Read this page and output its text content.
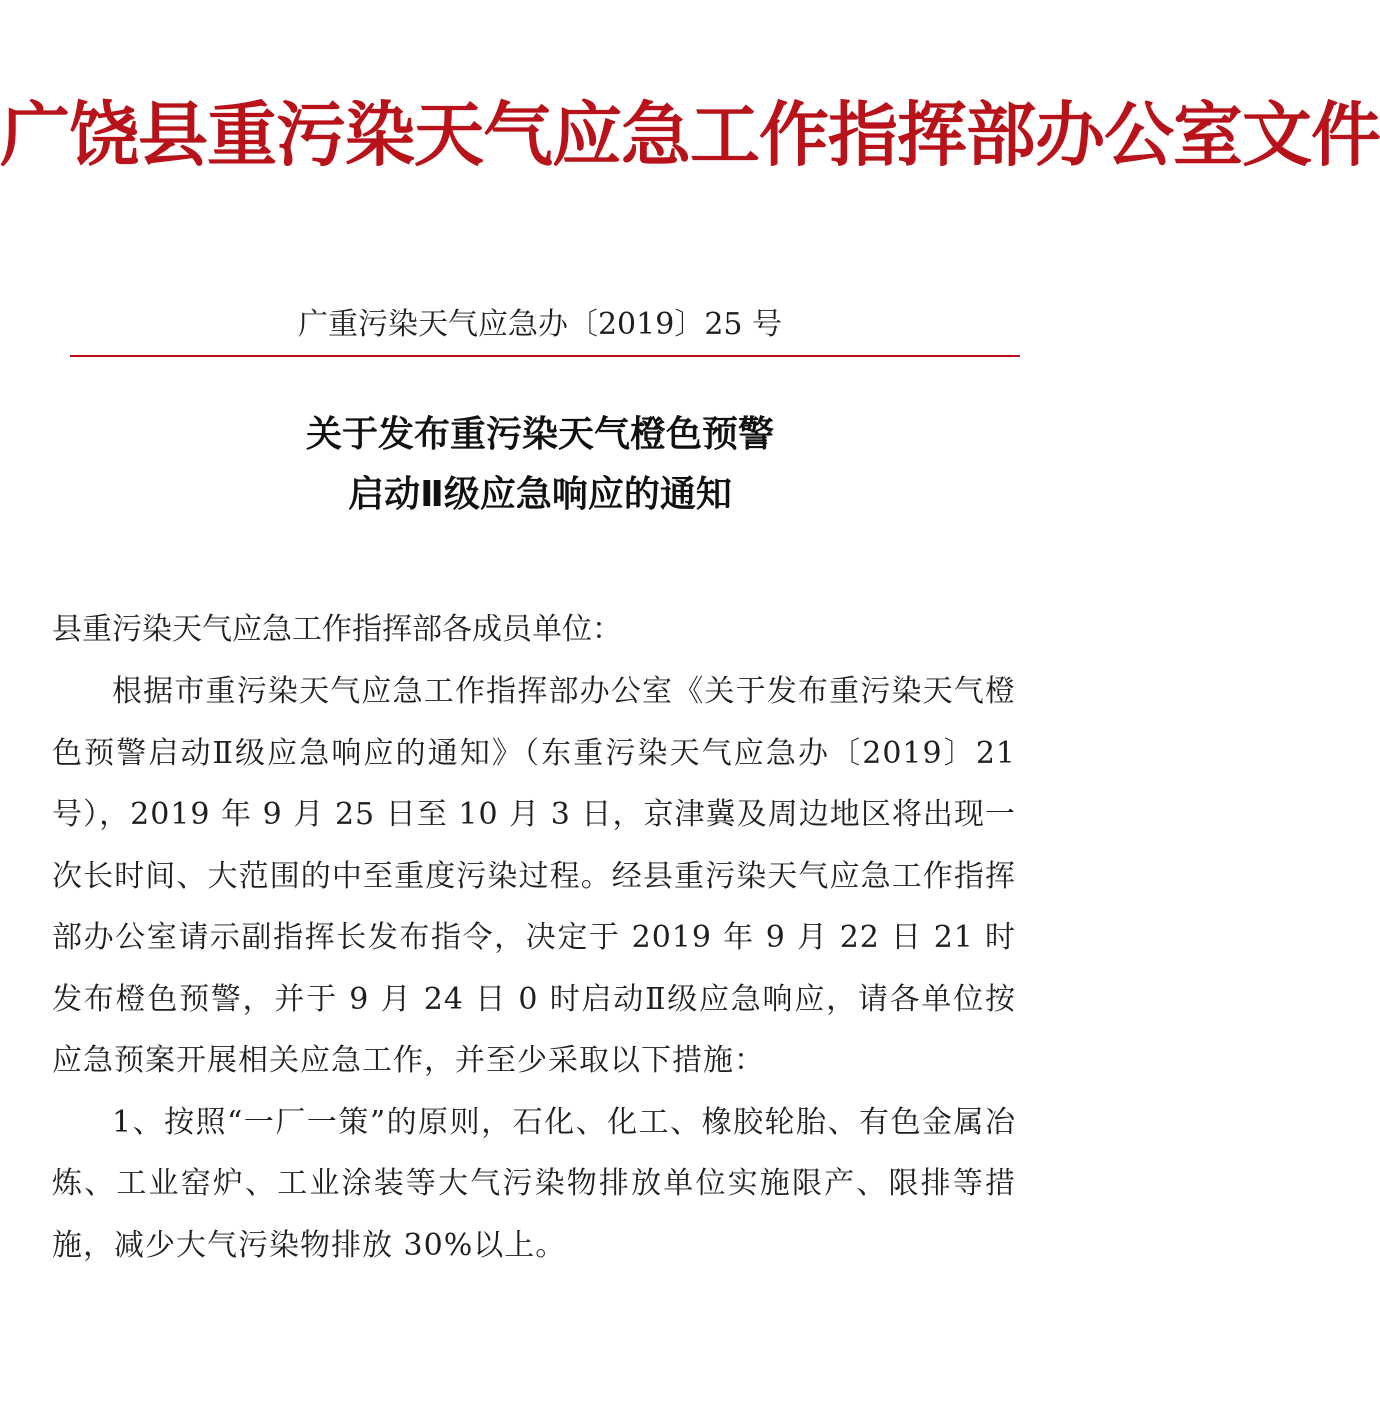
广饶县重污染天气应急工作指挥部办公室文件
广重污染天气应急办〔2019〕25 号
关于发布重污染天气橙色预警
启动Ⅱ级应急响应的通知
县重污染天气应急工作指挥部各成员单位：

根据市重污染天气应急工作指挥部办公室《关于发布重污染天气橙色预警启动Ⅱ级应急响应的通知》（东重污染天气应急办〔2019〕21 号），2019 年 9 月 25 日至 10 月 3 日，京津冀及周边地区将出现一次长时间、大范围的中至重度污染过程。经县重污染天气应急工作指挥部办公室请示副指挥长发布指令，决定于 2019 年 9 月 22 日 21 时发布橙色预警，并于 9 月 24 日 0 时启动Ⅱ级应急响应，请各单位按应急预案开展相关应急工作，并至少采取以下措施：

1、按照“一厂一策”的原则，石化、化工、橡胶轮胎、有色金属冶炼、工业窑炉、工业涂装等大气污染物排放单位实施限产、限排等措施，减少大气污染物排放 30%以上。
